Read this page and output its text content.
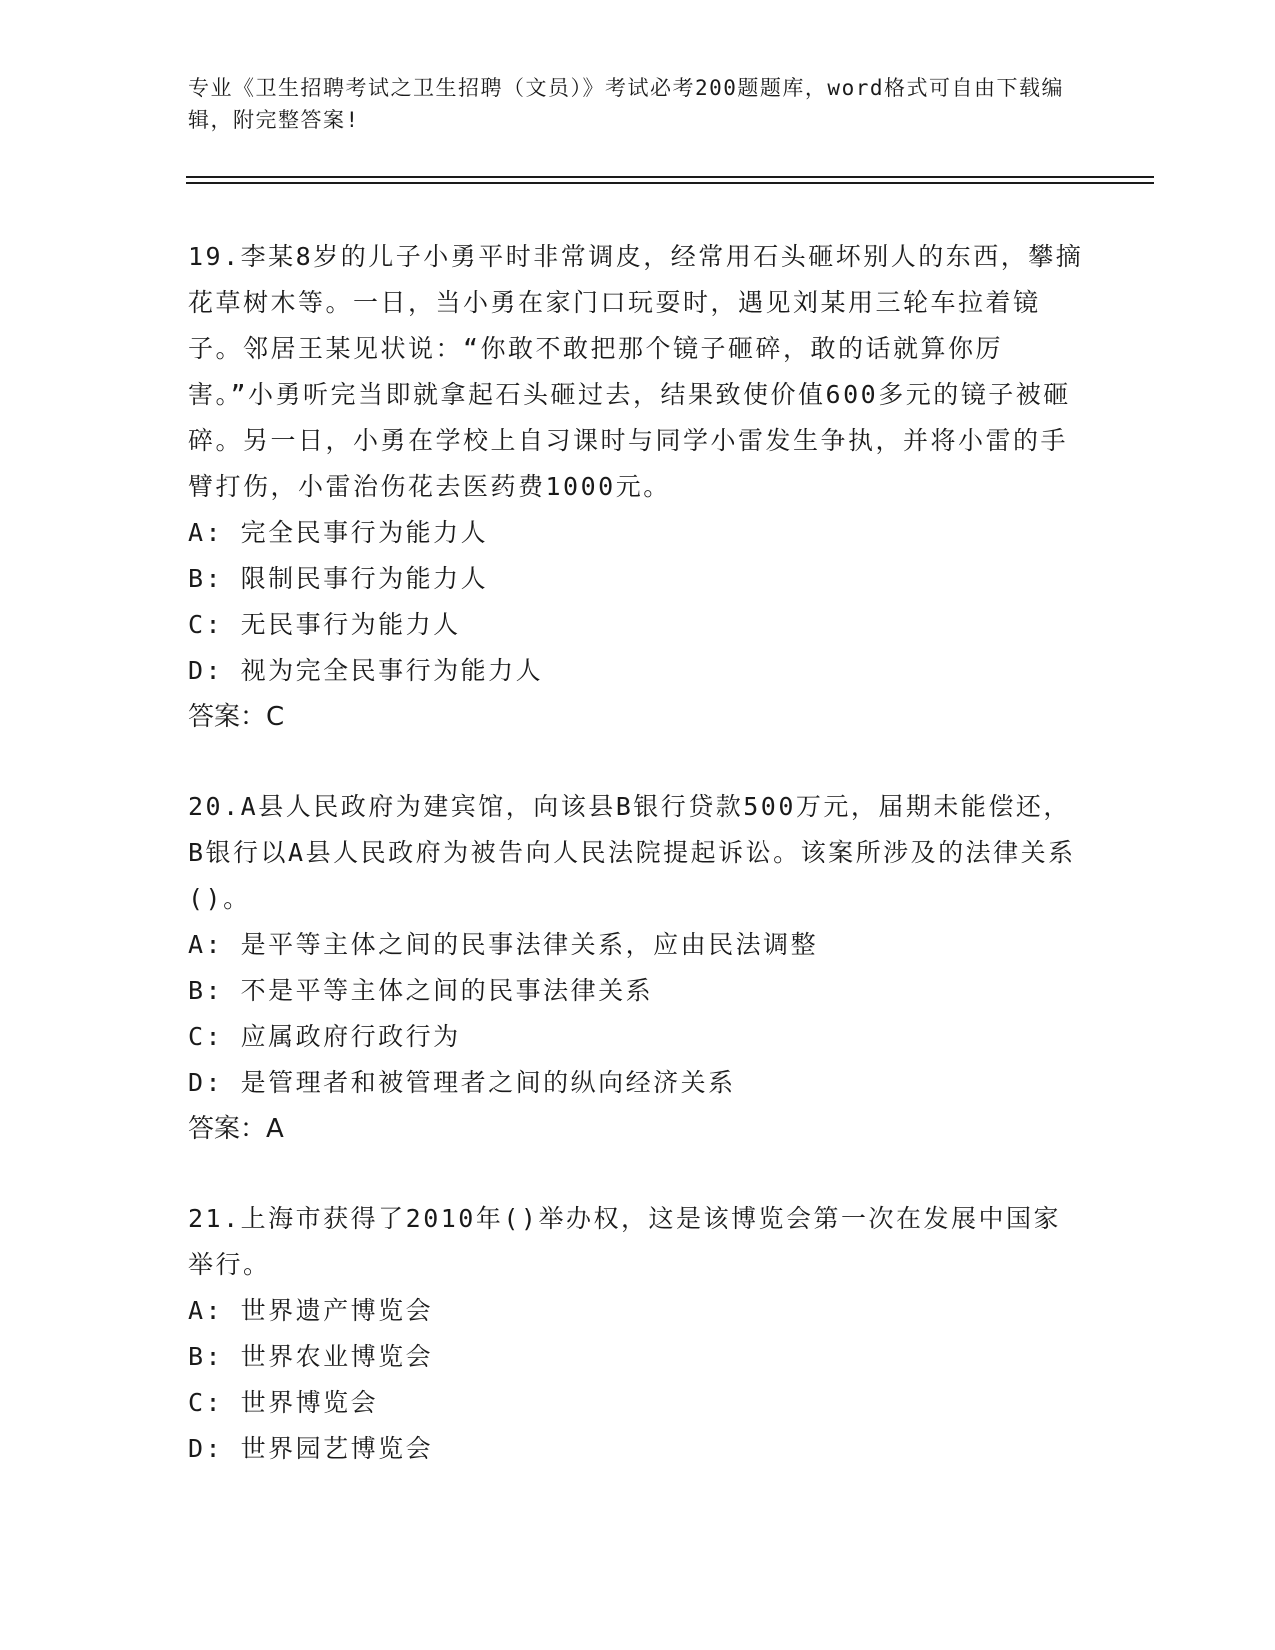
专业《卫生招聘考试之卫生招聘（文员）》考试必考200题题库，word格式可自由下载编辑，附完整答案!

19.李某8岁的儿子小勇平时非常调皮，经常用石头砸坏别人的东西，攀摘花草树木等。一日，当小勇在家门口玩耍时，遇见刘某用三轮车拉着镜子。邻居王某见状说：“你敢不敢把那个镜子砸碎，敢的话就算你厉害。”小勇听完当即就拿起石头砸过去，结果致使价值600多元的镜子被砸碎。另一日，小勇在学校上自习课时与同学小雷发生争执，并将小雷的手臂打伤，小雷治伤花去医药费1000元。

A: 完全民事行为能力人

B: 限制民事行为能力人

C: 无民事行为能力人

D: 视为完全民事行为能力人

答案：C

20.A县人民政府为建宾馆，向该县B银行贷款500万元，届期未能偿还，B银行以A县人民政府为被告向人民法院提起诉讼。该案所涉及的法律关系()。

A: 是平等主体之间的民事法律关系，应由民法调整

B: 不是平等主体之间的民事法律关系

C: 应属政府行政行为

D: 是管理者和被管理者之间的纵向经济关系

答案：A

21.上海市获得了2010年()举办权，这是该博览会第一次在发展中国家举行。

A: 世界遗产博览会

B: 世界农业博览会

C: 世界博览会

D: 世界园艺博览会
